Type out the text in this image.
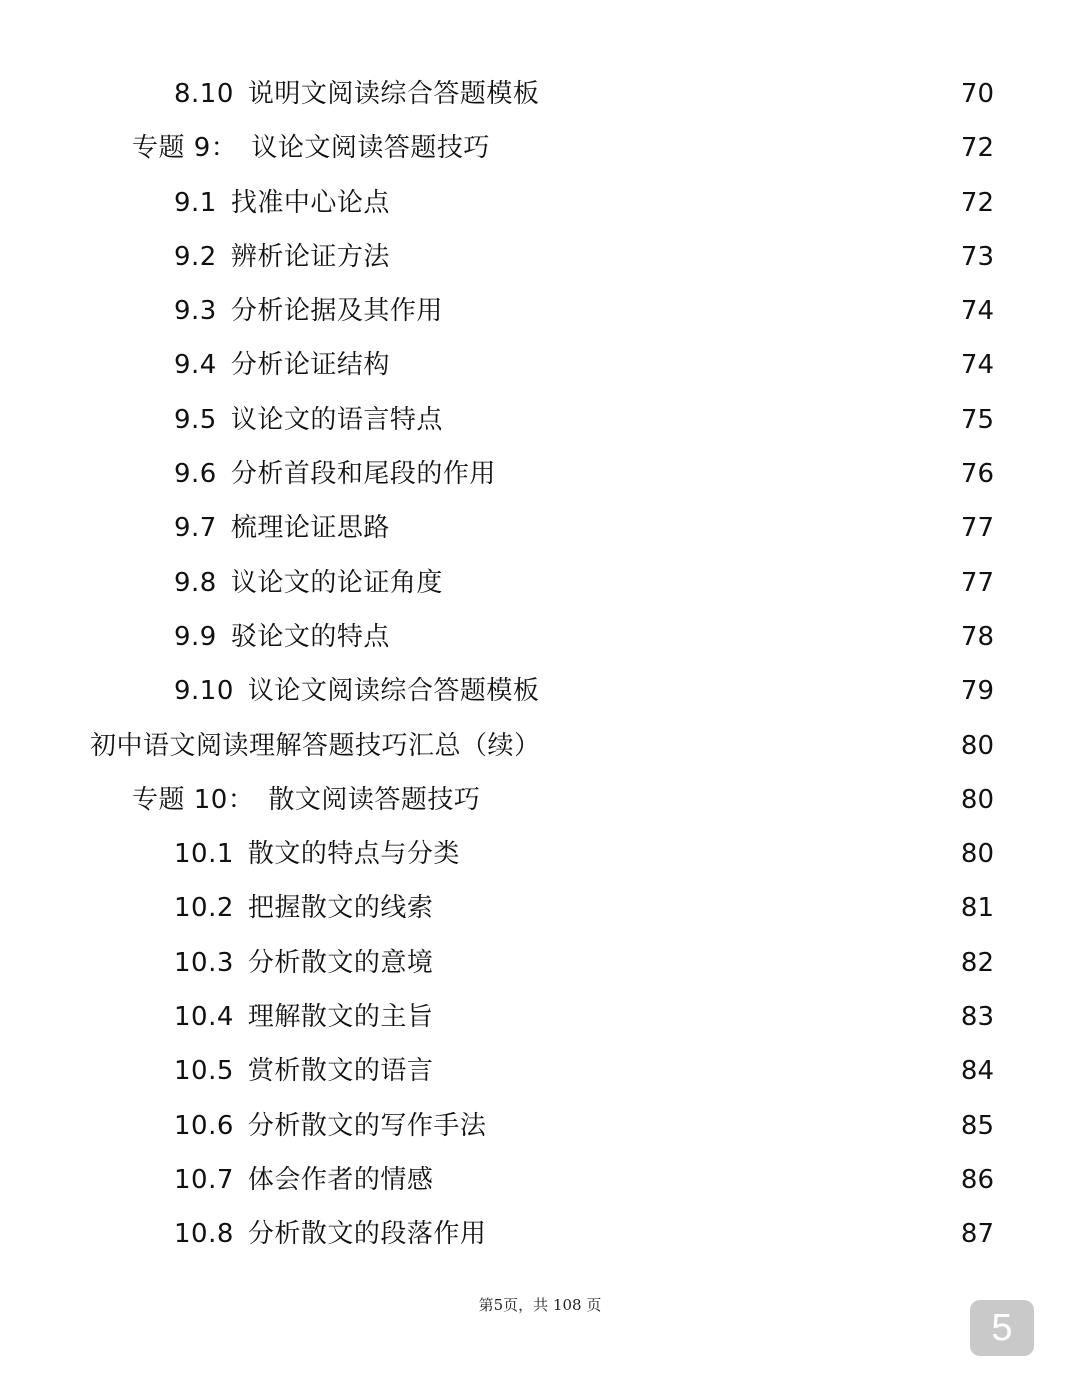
8.10 说明文阅读综合答题模板	70
专题 9： 议论文阅读答题技巧	72
9.1 找准中心论点	72
9.2 辨析论证方法	73
9.3 分析论据及其作用	74
9.4 分析论证结构	74
9.5 议论文的语言特点	75
9.6 分析首段和尾段的作用	76
9.7 梳理论证思路	77
9.8 议论文的论证角度	77
9.9 驳论文的特点	78
9.10 议论文阅读综合答题模板	79
初中语文阅读理解答题技巧汇总（续）	80
专题 10： 散文阅读答题技巧	80
10.1 散文的特点与分类	80
10.2 把握散文的线索	81
10.3 分析散文的意境	82
10.4 理解散文的主旨	83
10.5 赏析散文的语言	84
10.6 分析散文的写作手法	85
10.7 体会作者的情感	86
10.8 分析散文的段落作用	87
第5页，共 108 页
5
